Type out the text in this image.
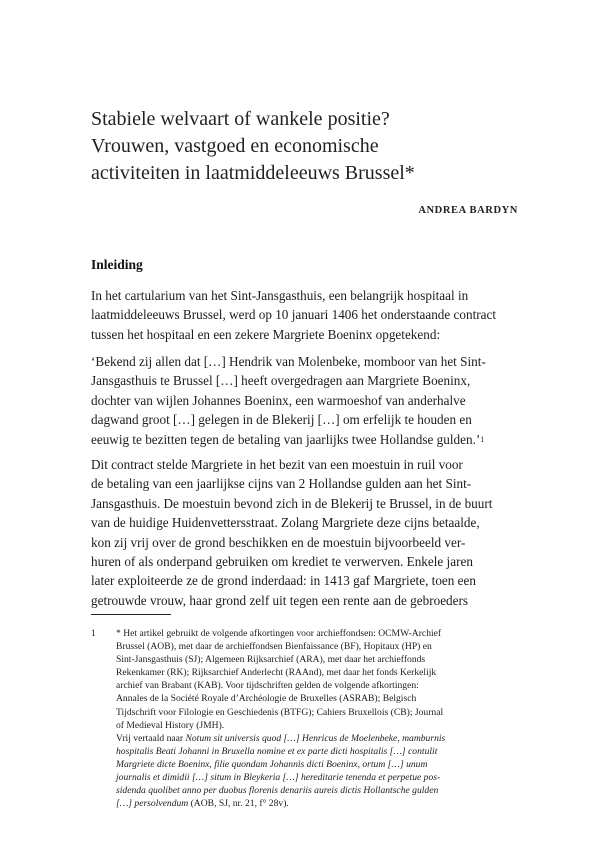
Stabiele welvaart of wankele positie?
Vrouwen, vastgoed en economische
activiteiten in laatmiddeleeuws Brussel*
ANDREA BARDYN
Inleiding
In het cartularium van het Sint-Jansgasthuis, een belangrijk hospitaal in
laatmiddeleeuws Brussel, werd op 10 januari 1406 het onderstaande contract
tussen het hospitaal en een zekere Margriete Boeninx opgetekend:
‘Bekend zij allen dat […] Hendrik van Molenbeke, momboor van het Sint-
Jansgasthuis te Brussel […] heeft overgedragen aan Margriete Boeninx,
dochter van wijlen Johannes Boeninx, een warmoeshof van anderhalve
dagwand groot […] gelegen in de Blekerij […] om erfelijk te houden en
eeuwig te bezitten tegen de betaling van jaarlijks twee Hollandse gulden.’ 1
Dit contract stelde Margriete in het bezit van een moestuin in ruil voor
de betaling van een jaarlijkse cijns van 2 Hollandse gulden aan het Sint-
Jansgasthuis. De moestuin bevond zich in de Blekerij te Brussel, in de buurt
van de huidige Huidenvettersstraat. Zolang Margriete deze cijns betaalde,
kon zij vrij over de grond beschikken en de moestuin bijvoorbeeld ver-
huren of als onderpand gebruiken om krediet te verwerven. Enkele jaren
later exploiteerde ze de grond inderdaad: in 1413 gaf Margriete, toen een
getrouwde vrouw, haar grond zelf uit tegen een rente aan de gebroeders
1 * Het artikel gebruikt de volgende afkortingen voor archieffondsen: OCMW-Archief
Brussel (AOB), met daar de archieffondsen Bienfaissance (BF), Hopitaux (HP) en
Sint-Jansgasthuis (SJ); Algemeen Rijksarchief (ARA), met daar het archieffonds
Rekenkamer (RK); Rijksarchief Anderlecht (RAAnd), met daar het fonds Kerkelijk
archief van Brabant (KAB). Voor tijdschriften gelden de volgende afkortingen:
Annales de la Société Royale d’Archéologie de Bruxelles (ASRAB); Belgisch
Tijdschrift voor Filologie en Geschiedenis (BTFG); Cahiers Bruxellois (CB); Journal
of Medieval History (JMH).
Vrij vertaald naar Notum sit universis quod […] Henricus de Moelenbeke, mamburnis
hospitalis Beati Johanni in Bruxella nomine et ex parte dicti hospitalis […] contulit
Margriete dicte Boeninx, filie quondam Johannis dicti Boeninx, ortum […] unum
journalis et dimidii […] situm in Bleykeria […] hereditarie tenenda et perpetue pos-
sidenda quolibet anno per duobus florenis denariis aureis dictis Hollantsche gulden
[…] persolvendum (AOB, SJ, nr. 21, f° 28v).
